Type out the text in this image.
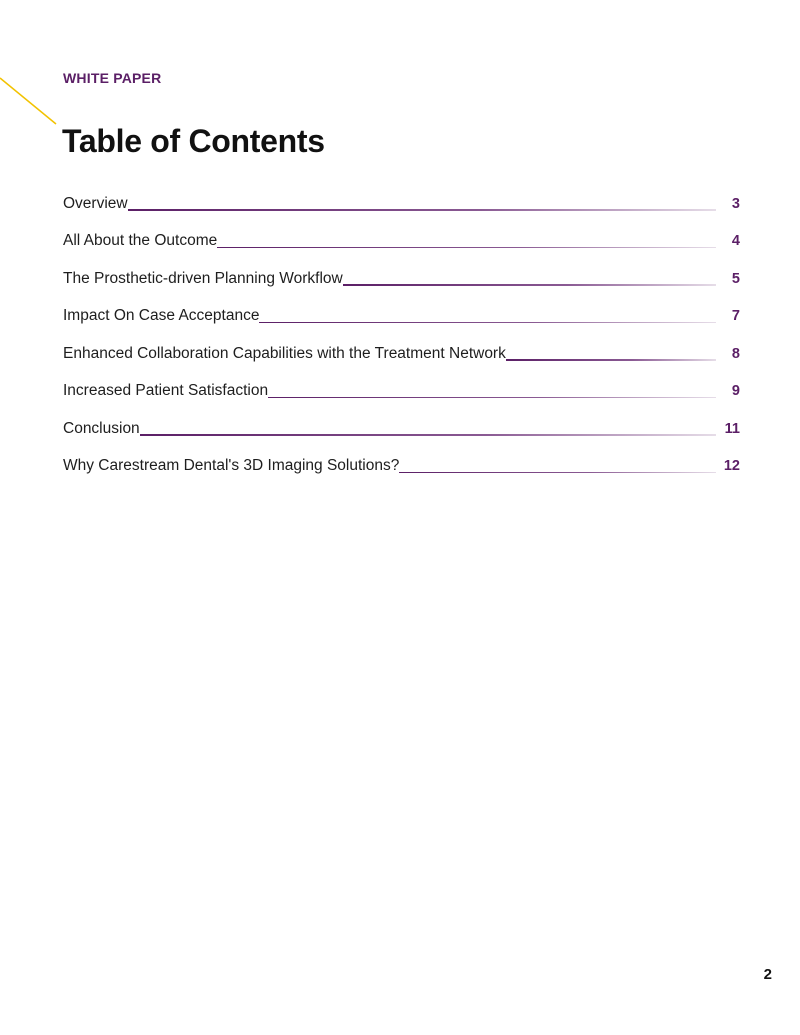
WHITE PAPER
Table of Contents
Overview	3
All About the Outcome	4
The Prosthetic-driven Planning Workflow	5
Impact On Case Acceptance	7
Enhanced Collaboration Capabilities with the Treatment Network	8
Increased Patient Satisfaction	9
Conclusion	11
Why Carestream Dental's 3D Imaging Solutions?	12
2
